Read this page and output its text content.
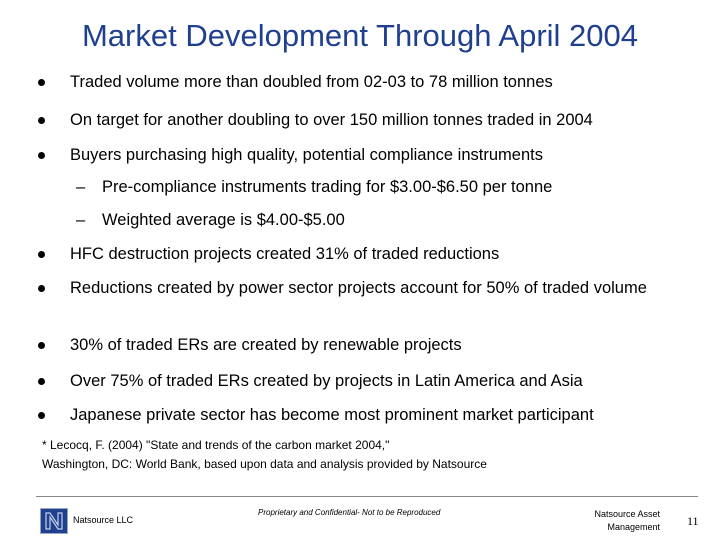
Market Development Through April 2004
Traded volume more than doubled from 02-03 to 78 million tonnes
On target for another doubling to over 150 million tonnes traded in 2004
Buyers purchasing high quality, potential compliance instruments
– Pre-compliance instruments trading for $3.00-$6.50 per tonne
– Weighted average is $4.00-$5.00
HFC destruction projects created 31% of traded reductions
Reductions created by power sector projects account for 50% of traded volume
30% of traded ERs are created by renewable projects
Over 75% of traded ERs created by projects in Latin America and Asia
Japanese private sector has become most prominent market participant
* Lecocq, F. (2004) "State and trends of the carbon market 2004,"
Washington, DC: World Bank, based upon data and analysis provided by Natsource
Natsource LLC
Proprietary and Confidential- Not to be Reproduced	Natsource Asset
Management 11
